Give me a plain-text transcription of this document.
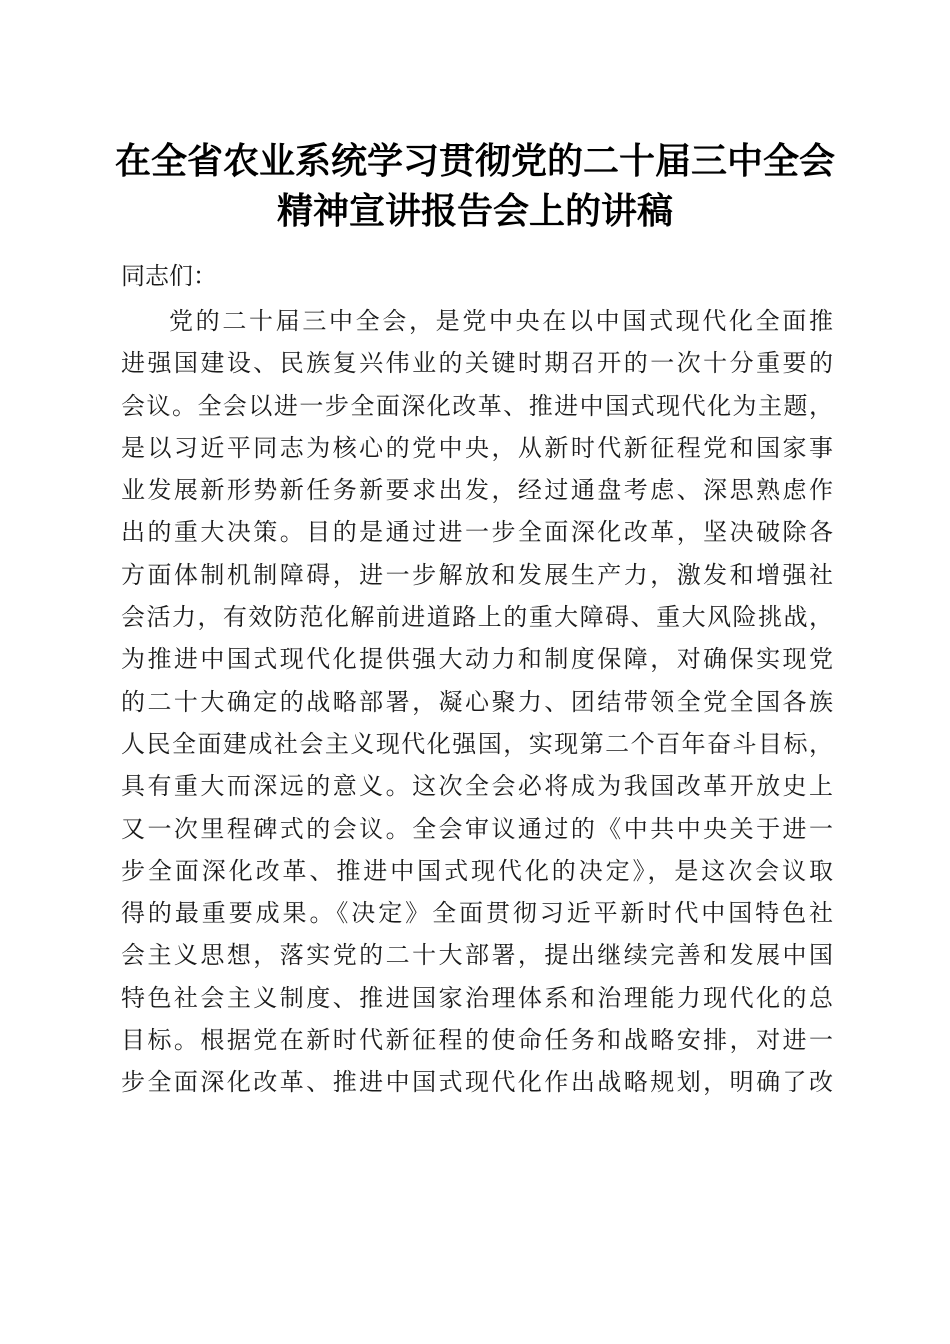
在全省农业系统学习贯彻党的二十届三中全会
精神宣讲报告会上的讲稿

同志们：

党的二十届三中全会，是党中央在以中国式现代化全面推
进强国建设、民族复兴伟业的关键时期召开的一次十分重要的
会议。全会以进一步全面深化改革、推进中国式现代化为主题，
是以习近平同志为核心的党中央，从新时代新征程党和国家事
业发展新形势新任务新要求出发，经过通盘考虑、深思熟虑作
出的重大决策。目的是通过进一步全面深化改革，坚决破除各
方面体制机制障碍，进一步解放和发展生产力，激发和增强社
会活力，有效防范化解前进道路上的重大障碍、重大风险挑战，
为推进中国式现代化提供强大动力和制度保障，对确保实现党
的二十大确定的战略部署，凝心聚力、团结带领全党全国各族
人民全面建成社会主义现代化强国，实现第二个百年奋斗目标，
具有重大而深远的意义。这次全会必将成为我国改革开放史上
又一次里程碑式的会议。全会审议通过的《中共中央关于进一
步全面深化改革、推进中国式现代化的决定》，是这次会议取
得的最重要成果。《决定》全面贯彻习近平新时代中国特色社
会主义思想，落实党的二十大部署，提出继续完善和发展中国
特色社会主义制度、推进国家治理体系和治理能力现代化的总
目标。根据党在新时代新征程的使命任务和战略安排，对进一
步全面深化改革、推进中国式现代化作出战略规划，明确了改
